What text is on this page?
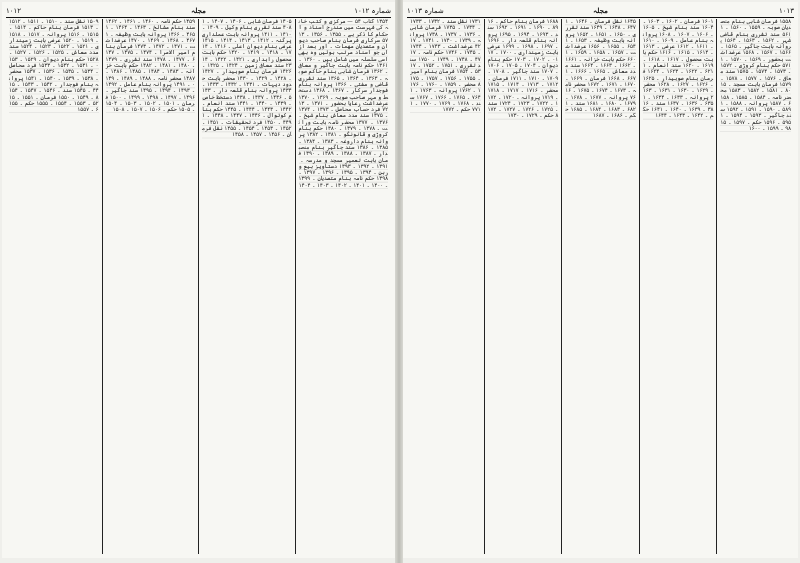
۱۰۱۲	مجلہ	شمارہ ۱۰۱۲
۱۳۵۴ کتاب ۵۴ — مرکزی و کتب خانہ کی فہرست میں مندرج اسناد و احکام کا ذکر ہے ۔ ۱۳۵۵ ۔ ۱۳۵۶ ۔ ۱۳۵۷ سرکاری فرمان بنام صاحب دیوان و متصدیان مهمات ۔ اور بعد ازاں جو اسناد مرتب ہوئیں وہ بھی اسی سلسلہ میں شامل ہیں ۔ ۱۳۶۰ ۔ ۱۳۶۱ حکم نامہ بابت جاگیر و معافی ۔ ۱۳۶۲ فرمان شاہی بنام حاکم صوبہ ۔ ۱۳۶۳ ۔ ۱۳۶۴ ۔ ۱۳۶۵ سند تقرری قاضی و مفتی ۔ ۱۳۶۶ پروانہ بنام فوجدار سرکار ۔ ۱۳۶۷ ۔ ۱۳۶۸ دستخط و مہر صاحب صوبہ ۔ ۱۳۶۹ ۔ ۱۳۷۰ عرضداشت رعایا بحضور ۔ ۱۳۷۱ ۔ ۱۳۷۲ فرد حساب محاصل ۔ ۱۳۷۳ ۔ ۱۳۷۴ ۔ ۱۳۷۵ سند مدد معاش بنام شیخ ۔ ۱۳۷۶ ۔ ۱۳۷۷ محضر نامہ بابت وراثت ۔ ۱۳۷۸ ۔ ۱۳۷۹ ۔ ۱۳۸۰ حکم بنام کروڑی و قانونگو ۔ ۱۳۸۱ ۔ ۱۳۸۲ پروانہ بنام داروغہ ۔ ۱۳۸۳ ۔ ۱۳۸۴ ۔ ۱۳۸۵ ۔ ۱۳۸۶ سند جاگیر بنام منصبدار ۔ ۱۳۸۷ ۔ ۱۳۸۸ ۔ ۱۳۸۹ ۔ ۱۳۹۰ فرمان بابت تعمیر مسجد و مدرسہ ۔ ۱۳۹۱ ۔ ۱۳۹۲ ۔ ۱۳۹۳ دستاویز بیع و رہن ۔ ۱۳۹۴ ۔ ۱۳۹۵ ۔ ۱۳۹۶ ۔ ۱۳۹۷ ۔ ۱۳۹۸ حکم نامہ بنام متصدیان ۔ ۱۳۹۹ ۔ ۱۴۰۰ ۔ ۱۴۰۱ ۔ ۱۴۰۲ ۔ ۱۴۰۳ ۔ ۱۴۰۴
۱۴۰۵ فرمان شاہی ۔ ۱۴۰۶ ۔ ۱۴۰۷ ۔ ۱۴۰۸ سند تقرری بنام وکیل ۔ ۱۴۰۹ ۔ ۱۴۱۰ ۔ ۱۴۱۱ پروانہ بابت عملداری پرگنہ ۔ ۱۴۱۲ ۔ ۱۴۱۳ ۔ ۱۴۱۴ ۔ ۱۴۱۵ عرضی بنام دیوان اعلی ۔ ۱۴۱۶ ۔ ۱۴۱۷ ۔ ۱۴۱۸ ۔ ۱۴۱۹ ۔ ۱۴۲۰ حکم بابت محصول راہداری ۔ ۱۴۲۱ ۔ ۱۴۲۲ ۔ ۱۴۲۳ سند معافی زمین ۔ ۱۴۲۴ ۔ ۱۴۲۵ ۔ ۱۴۲۶ فرمان بنام صوبیدار ۔ ۱۴۲۷ ۔ ۱۴۲۸ ۔ ۱۴۲۹ ۔ ۱۴۳۰ محضر بابت حدود دیہات ۔ ۱۴۳۱ ۔ ۱۴۳۲ ۔ ۱۴۳۳ ۔ ۱۴۳۴ پروانہ بنام قلعہ دار ۔ ۱۴۳۵ ۔ ۱۴۳۶ ۔ ۱۴۳۷ ۔ ۱۴۳۸ دستخط خاص ۔ ۱۴۳۹ ۔ ۱۴۴۰ ۔ ۱۴۴۱ سند انعام ۔ ۱۴۴۲ ۔ ۱۴۴۳ ۔ ۱۴۴۴ ۔ ۱۴۴۵ حکم بنام کوتوال ۔ ۱۴۴۶ ۔ ۱۴۴۷ ۔ ۱۴۴۸ ۔ ۱۴۴۹ ۔ ۱۴۵۰ فرد تحقیقات ۔ ۱۴۵۱ ۔ ۱۴۵۲ ۔ ۱۴۵۳ ۔ ۱۴۵۴ ۔ ۱۴۵۵ نقل فرمان ۔ ۱۴۵۶ ۔ ۱۴۵۷ ۔ ۱۴۵۸
۱۴۵۹ حکم نامہ ۔ ۱۴۶۰ ۔ ۱۴۶۱ ۔ ۱۴۶۲ سند بنام مشائخ ۔ ۱۴۶۳ ۔ ۱۴۶۴ ۔ ۱۴۶۵ ۔ ۱۴۶۶ پروانہ بابت وظیفہ ۔ ۱۴۶۷ ۔ ۱۴۶۸ ۔ ۱۴۶۹ ۔ ۱۴۷۰ عرضداشت ۔ ۱۴۷۱ ۔ ۱۴۷۲ ۔ ۱۴۷۳ فرمان بنام امیر الامرا ۔ ۱۴۷۴ ۔ ۱۴۷۵ ۔ ۱۴۷۶ ۔ ۱۴۷۷ ۔ ۱۴۷۸ سند تقرری ۔ ۱۴۷۹ ۔ ۱۴۸۰ ۔ ۱۴۸۱ ۔ ۱۴۸۲ حکم بابت خزانہ ۔ ۱۴۸۳ ۔ ۱۴۸۴ ۔ ۱۴۸۵ ۔ ۱۴۸۶ ۔ ۱۴۸۷ محضر نامہ ۔ ۱۴۸۸ ۔ ۱۴۸۹ ۔ ۱۴۹۰ ۔ ۱۴۹۱ پروانہ بنام عامل ۔ ۱۴۹۲ ۔ ۱۴۹۳ ۔ ۱۴۹۴ ۔ ۱۴۹۵ سند جاگیر ۔ ۱۴۹۶ ۔ ۱۴۹۷ ۔ ۱۴۹۸ ۔ ۱۴۹۹ ۔ ۱۵۰۰ فرمان ۔ ۱۵۰۱ ۔ ۱۵۰۲ ۔ ۱۵۰۳ ۔ ۱۵۰۴ ۔ ۱۵۰۵ حکم ۔ ۱۵۰۶ ۔ ۱۵۰۷ ۔ ۱۵۰۸
۱۵۰۹ نقل سند ۔ ۱۵۱۰ ۔ ۱۵۱۱ ۔ ۱۵۱۲ ۔ ۱۵۱۳ فرمان بنام حاکم ۔ ۱۵۱۴ ۔ ۱۵۱۵ ۔ ۱۵۱۶ پروانہ ۔ ۱۵۱۷ ۔ ۱۵۱۸ ۔ ۱۵۱۹ ۔ ۱۵۲۰ عرضی بابت زمینداری ۔ ۱۵۲۱ ۔ ۱۵۲۲ ۔ ۱۵۲۳ ۔ ۱۵۲۴ سند مدد معاش ۔ ۱۵۲۵ ۔ ۱۵۲۶ ۔ ۱۵۲۷ ۔ ۱۵۲۸ حکم بنام دیوان ۔ ۱۵۲۹ ۔ ۱۵۳۰ ۔ ۱۵۳۱ ۔ ۱۵۳۲ ۔ ۱۵۳۳ فرد محاصل ۔ ۱۵۳۴ ۔ ۱۵۳۵ ۔ ۱۵۳۶ ۔ ۱۵۳۷ محضر ۔ ۱۵۳۸ ۔ ۱۵۳۹ ۔ ۱۵۴۰ ۔ ۱۵۴۱ پروانہ بنام فوجدار ۔ ۱۵۴۲ ۔ ۱۵۴۳ ۔ ۱۵۴۴ ۔ ۱۵۴۵ سند ۔ ۱۵۴۶ ۔ ۱۵۴۷ ۔ ۱۵۴۸ ۔ ۱۵۴۹ ۔ ۱۵۵۰ فرمان ۔ ۱۵۵۱ ۔ ۱۵۵۲ ۔ ۱۵۵۳ ۔ ۱۵۵۴ ۔ ۱۵۵۵ حکم ۔ ۱۵۵۶ ۔ ۱۵۵۷
۱۰۱۳
مجلہ
شمارہ ۱۰۱۳
۱۵۵۸ فرمان شاہی بنام متصدیان صوبہ ۔ ۱۵۵۹ ۔ ۱۵۶۰ ۔ ۱۵۶۱ سند تقرری بنام قاضی شہر ۔ ۱۵۶۲ ۔ ۱۵۶۳ ۔ ۱۵۶۴ پروانہ بابت جاگیر ۔ ۱۵۶۵ ۔ ۱۵۶۶ ۔ ۱۵۶۷ ۔ ۱۵۶۸ عرضداشت بحضور ۔ ۱۵۶۹ ۔ ۱۵۷۰ ۔ ۱۵۷۱ حکم بنام کروڑی ۔ ۱۵۷۲ ۔ ۱۵۷۳ ۔ ۱۵۷۴ ۔ ۱۵۷۵ سند معافی ۔ ۱۵۷۶ ۔ ۱۵۷۷ ۔ ۱۵۷۸ ۔ ۱۵۷۹ فرمان بابت مسجد ۔ ۱۵۸۰ ۔ ۱۵۸۱ ۔ ۱۵۸۲ ۔ ۱۵۸۳ محضر نامہ ۔ ۱۵۸۴ ۔ ۱۵۸۵ ۔ ۱۵۸۶ ۔ ۱۵۸۷ پروانہ ۔ ۱۵۸۸ ۔ ۱۵۸۹ ۔ ۱۵۹۰ ۔ ۱۵۹۱ ۔ ۱۵۹۲ سند جاگیر ۔ ۱۵۹۳ ۔ ۱۵۹۴ ۔ ۱۵۹۵ ۔ ۱۵۹۶ حکم ۔ ۱۵۹۷ ۔ ۱۵۹۸ ۔ ۱۵۹۹ ۔ ۱۶۰۰
۱۶۰۱ فرمان ۔ ۱۶۰۲ ۔ ۱۶۰۳ ۔ ۱۶۰۴ سند بنام شیخ ۔ ۱۶۰۵ ۔ ۱۶۰۶ ۔ ۱۶۰۷ ۔ ۱۶۰۸ پروانہ بنام عامل ۔ ۱۶۰۹ ۔ ۱۶۱۰ ۔ ۱۶۱۱ ۔ ۱۶۱۲ عرضی ۔ ۱۶۱۳ ۔ ۱۶۱۴ ۔ ۱۶۱۵ ۔ ۱۶۱۶ حکم بابت محصول ۔ ۱۶۱۷ ۔ ۱۶۱۸ ۔ ۱۶۱۹ ۔ ۱۶۲۰ سند انعام ۔ ۱۶۲۱ ۔ ۱۶۲۲ ۔ ۱۶۲۳ ۔ ۱۶۲۴ فرمان بنام صوبیدار ۔ ۱۶۲۵ ۔ ۱۶۲۶ ۔ ۱۶۲۷ ۔ ۱۶۲۸ محضر ۔ ۱۶۲۹ ۔ ۱۶۳۰ ۔ ۱۶۳۱ ۔ ۱۶۳۲ پروانہ ۔ ۱۶۳۳ ۔ ۱۶۳۴ ۔ ۱۶۳۵ ۔ ۱۶۳۶ ۔ ۱۶۳۷ سند ۔ ۱۶۳۸ ۔ ۱۶۳۹ ۔ ۱۶۴۰ ۔ ۱۶۴۱ حکم ۔ ۱۶۴۲ ۔ ۱۶۴۳ ۔ ۱۶۴۴
۱۶۴۵ نقل فرمان ۔ ۱۶۴۶ ۔ ۱۶۴۷ ۔ ۱۶۴۸ ۔ ۱۶۴۹ سند تقرری ۔ ۱۶۵۰ ۔ ۱۶۵۱ ۔ ۱۶۵۲ پروانہ بابت وظیفہ ۔ ۱۶۵۳ ۔ ۱۶۵۴ ۔ ۱۶۵۵ ۔ ۱۶۵۶ عرضداشت ۔ ۱۶۵۷ ۔ ۱۶۵۸ ۔ ۱۶۵۹ ۔ ۱۶۶۰ حکم بابت خزانہ ۔ ۱۶۶۱ ۔ ۱۶۶۲ ۔ ۱۶۶۳ ۔ ۱۶۶۴ سند مدد معاش ۔ ۱۶۶۵ ۔ ۱۶۶۶ ۔ ۱۶۶۷ ۔ ۱۶۶۸ فرمان ۔ ۱۶۶۹ ۔ ۱۶۷۰ ۔ ۱۶۷۱ ۔ ۱۶۷۲ محضر نامہ ۔ ۱۶۷۳ ۔ ۱۶۷۴ ۔ ۱۶۷۵ ۔ ۱۶۷۶ پروانہ ۔ ۱۶۷۷ ۔ ۱۶۷۸ ۔ ۱۶۷۹ ۔ ۱۶۸۰ ۔ ۱۶۸۱ سند ۔ ۱۶۸۲ ۔ ۱۶۸۳ ۔ ۱۶۸۴ ۔ ۱۶۸۵ حکم ۔ ۱۶۸۶ ۔ ۱۶۸۷
۱۶۸۸ فرمان بنام حاکم ۔ ۱۶۸۹ ۔ ۱۶۹۰ ۔ ۱۶۹۱ ۔ ۱۶۹۲ سند ۔ ۱۶۹۳ ۔ ۱۶۹۴ ۔ ۱۶۹۵ پروانہ بنام قلعہ دار ۔ ۱۶۹۶ ۔ ۱۶۹۷ ۔ ۱۶۹۸ ۔ ۱۶۹۹ عرضی بابت زمینداری ۔ ۱۷۰۰ ۔ ۱۷۰۱ ۔ ۱۷۰۲ ۔ ۱۷۰۳ حکم بنام دیوان ۔ ۱۷۰۴ ۔ ۱۷۰۵ ۔ ۱۷۰۶ ۔ ۱۷۰۷ سند جاگیر ۔ ۱۷۰۸ ۔ ۱۷۰۹ ۔ ۱۷۱۰ ۔ ۱۷۱۱ فرمان ۔ ۱۷۱۲ ۔ ۱۷۱۳ ۔ ۱۷۱۴ ۔ ۱۷۱۵ محضر ۔ ۱۷۱۶ ۔ ۱۷۱۷ ۔ ۱۷۱۸ ۔ ۱۷۱۹ پروانہ ۔ ۱۷۲۰ ۔ ۱۷۲۱ ۔ ۱۷۲۲ ۔ ۱۷۲۳ ۔ ۱۷۲۴ سند ۔ ۱۷۲۵ ۔ ۱۷۲۶ ۔ ۱۷۲۷ ۔ ۱۷۲۸ حکم ۔ ۱۷۲۹ ۔ ۱۷۳۰
۱۷۳۱ نقل سند ۔ ۱۷۳۲ ۔ ۱۷۳۳ ۔ ۱۷۳۴ ۔ ۱۷۳۵ فرمان شاہی ۔ ۱۷۳۶ ۔ ۱۷۳۷ ۔ ۱۷۳۸ پروانہ ۔ ۱۷۳۹ ۔ ۱۷۴۰ ۔ ۱۷۴۱ ۔ ۱۷۴۲ عرضداشت ۔ ۱۷۴۳ ۔ ۱۷۴۴ ۔ ۱۷۴۵ ۔ ۱۷۴۶ حکم نامہ ۔ ۱۷۴۷ ۔ ۱۷۴۸ ۔ ۱۷۴۹ ۔ ۱۷۵۰ سند تقرری ۔ ۱۷۵۱ ۔ ۱۷۵۲ ۔ ۱۷۵۳ ۔ ۱۷۵۴ فرمان بنام امیر ۔ ۱۷۵۵ ۔ ۱۷۵۶ ۔ ۱۷۵۷ ۔ ۱۷۵۸ محضر ۔ ۱۷۵۹ ۔ ۱۷۶۰ ۔ ۱۷۶۱ ۔ ۱۷۶۲ پروانہ ۔ ۱۷۶۳ ۔ ۱۷۶۴ ۔ ۱۷۶۵ ۔ ۱۷۶۶ ۔ ۱۷۶۷ سند ۔ ۱۷۶۸ ۔ ۱۷۶۹ ۔ ۱۷۷۰ ۔ ۱۷۷۱ حکم ۔ ۱۷۷۲
